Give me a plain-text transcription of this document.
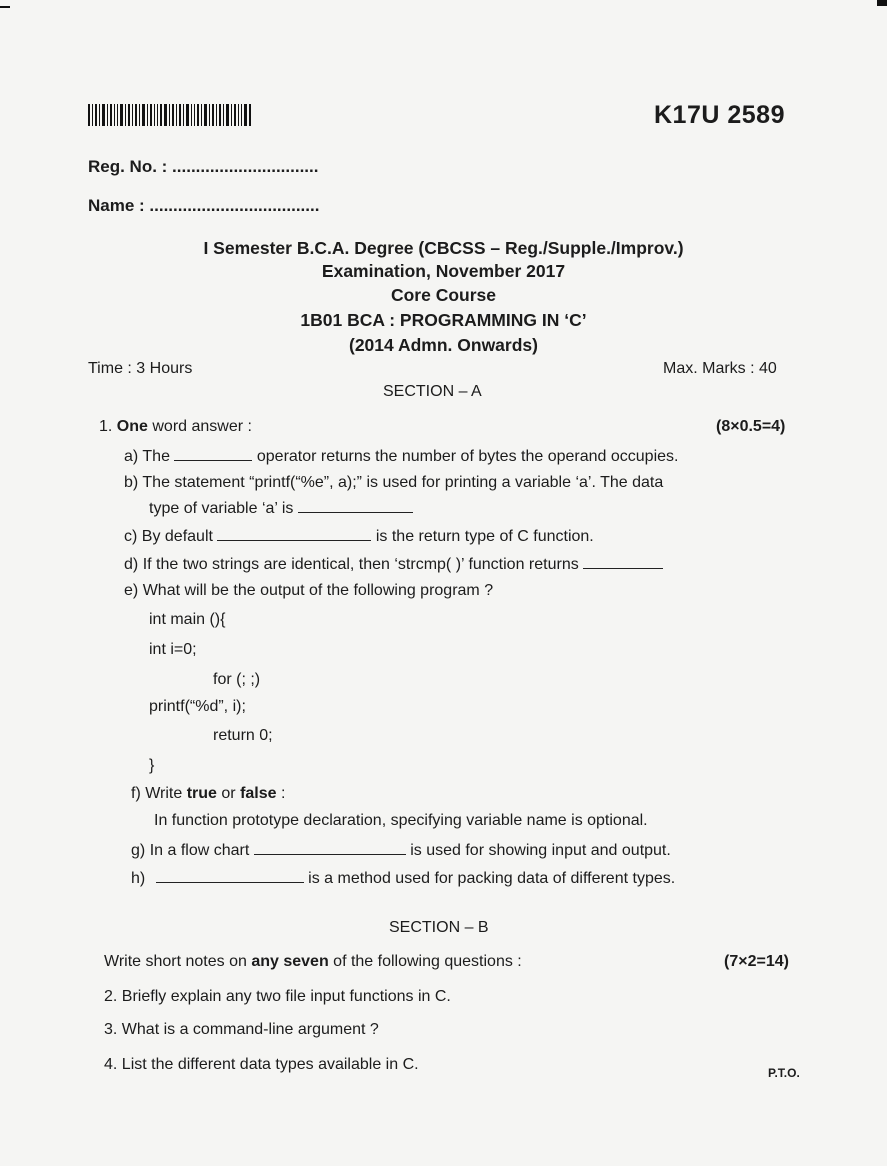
K17U 2589
Reg. No. : ...............................
Name : ....................................
I Semester B.C.A. Degree (CBCSS – Reg./Supple./Improv.)
Examination, November 2017
Core Course
1B01 BCA : PROGRAMMING IN ‘C’
(2014 Admn. Onwards)
Time : 3 Hours	Max. Marks : 40
SECTION – A
1. One word answer :	(8×0.5=4)
a) The	operator returns the number of bytes the operand occupies.
b) The statement “printf(“%e”, a);” is used for printing a variable ‘a’. The data
type of variable ‘a’ is
c) By default	is the return type of C function.
d) If the two strings are identical, then ‘strcmp( )’ function returns
e) What will be the output of the following program ?
int main (){
int i=0;
for (; ;)
printf(“%d”, i);
return 0;
}
f) Write true or false :
In function prototype declaration, specifying variable name is optional.
g) In a flow chart	is used for showing input and output.
h)	is a method used for packing data of different types.
SECTION – B
Write short notes on any seven of the following questions :	(7×2=14)
2. Briefly explain any two file input functions in C.
3. What is a command-line argument ?
4. List the different data types available in C.	P.T.O.
